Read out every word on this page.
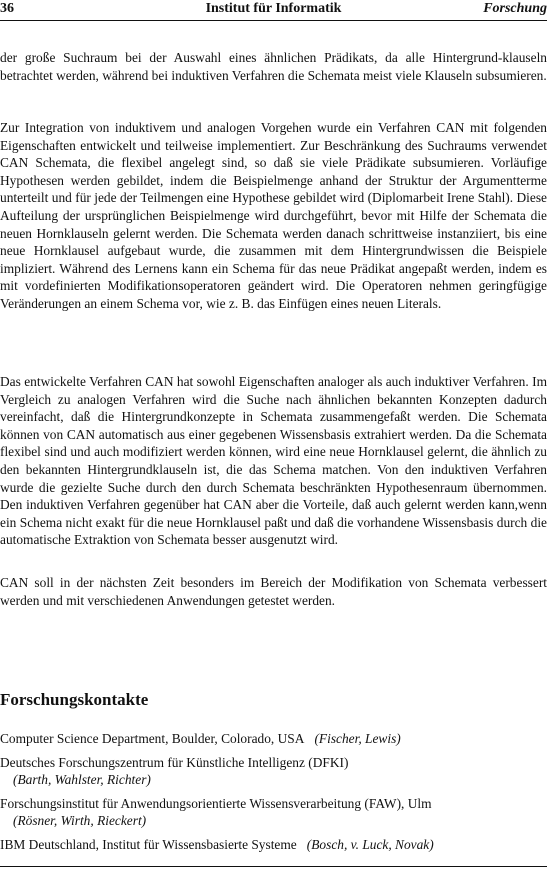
36	Institut für Informatik	Forschung

der große Suchraum bei der Auswahl eines ähnlichen Prädikats, da alle Hintergrund-klauseln betrachtet werden, während bei induktiven Verfahren die Schemata meist viele Klauseln subsumieren.

Zur Integration von induktivem und analogen Vorgehen wurde ein Verfahren CAN mit folgenden Eigenschaften entwickelt und teilweise implementiert. Zur Beschränkung des Suchraums verwendet CAN Schemata, die flexibel angelegt sind, so daß sie viele Prädikate subsumieren. Vorläufige Hypothesen werden gebildet, indem die Beispielmenge anhand der Struktur der Argumentterme unterteilt und für jede der Teilmengen eine Hypothese gebildet wird (Diplomarbeit Irene Stahl). Diese Aufteilung der ursprünglichen Beispielmenge wird durchgeführt, bevor mit Hilfe der Schemata die neuen Hornklauseln gelernt werden. Die Schemata werden danach schrittweise instanziiert, bis eine neue Hornklausel aufgebaut wurde, die zusammen mit dem Hintergrundwissen die Beispiele impliziert. Während des Lernens kann ein Schema für das neue Prädikat angepaßt werden, indem es mit vordefinierten Modifikationsoperatoren geändert wird. Die Operatoren nehmen geringfügige Veränderungen an einem Schema vor, wie z. B. das Einfügen eines neuen Literals.

Das entwickelte Verfahren CAN hat sowohl Eigenschaften analoger als auch induktiver Verfahren. Im Vergleich zu analogen Verfahren wird die Suche nach ähnlichen bekannten Konzepten dadurch vereinfacht, daß die Hintergrundkonzepte in Schemata zusammengefaßt werden. Die Schemata können von CAN automatisch aus einer gegebenen Wissensbasis extrahiert werden. Da die Schemata flexibel sind und auch modifiziert werden können, wird eine neue Hornklausel gelernt, die ähnlich zu den bekannten Hintergrundklauseln ist, die das Schema matchen. Von den induktiven Verfahren wurde die gezielte Suche durch den durch Schemata beschränkten Hypothesenraum übernommen. Den induktiven Verfahren gegenüber hat CAN aber die Vorteile, daß auch gelernt werden kann,wenn ein Schema nicht exakt für die neue Hornklausel paßt und daß die vorhandene Wissensbasis durch die automatische Extraktion von Schemata besser ausgenutzt wird.

CAN soll in der nächsten Zeit besonders im Bereich der Modifikation von Schemata verbessert werden und mit verschiedenen Anwendungen getestet werden.

Forschungskontakte
Computer Science Department, Boulder, Colorado, USA (Fischer, Lewis)
Deutsches Forschungszentrum für Künstliche Intelligenz (DFKI)
(Barth, Wahlster, Richter)
Forschungsinstitut für Anwendungsorientierte Wissensverarbeitung (FAW), Ulm
(Rösner, Wirth, Rieckert)
IBM Deutschland, Institut für Wissensbasierte Systeme (Bosch, v. Luck, Novak)
